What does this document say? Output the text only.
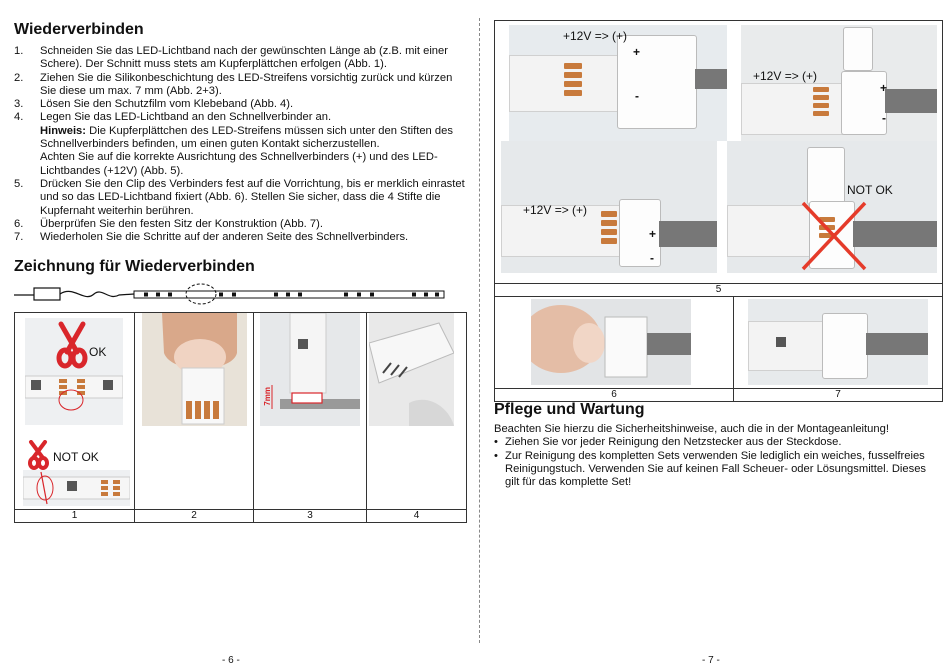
Wiederverbinden
1.	Schneiden Sie das LED-Lichtband nach der gewünschten Länge ab (z.B. mit einer Schere). Der Schnitt muss stets am Kupferplättchen erfolgen (Abb. 1).
2.	Ziehen Sie die Silikonbeschichtung des LED-Streifens vorsichtig zurück und kürzen Sie diese um max. 7 mm (Abb. 2+3).
3.	Lösen Sie den Schutzfilm vom Klebeband (Abb. 4).
4.	Legen Sie das LED-Lichtband an den Schnellverbinder an.
Hinweis: Die Kupferplättchen des LED-Streifens müssen sich unter den Stiften des Schnellverbinders befinden, um einen guten Kontakt sicherzustellen.
Achten Sie auf die korrekte Ausrichtung des Schnellverbinders (+) und des LED-Lichtbandes (+12V) (Abb. 5).
5.	Drücken Sie den Clip des Verbinders fest auf die Vorrichtung, bis er merklich einrastet und so das LED-Lichtband fixiert (Abb. 6). Stellen Sie sicher, dass die 4 Stifte die Kupfernaht weiterhin berühren.
6.	Überprüfen Sie den festen Sitz der Konstruktion (Abb. 7).
7.	Wiederholen Sie die Schritte auf der anderen Seite des Schnellverbinders.
Zeichnung für Wiederverbinden
OK
NOT OK
7mm
1	2	3	4
+12V => (+)
+
-
+12V => (+)
+
-
+12V => (+)
+
-
NOT OK
5
6	7
Pflege und Wartung

Beachten Sie hierzu die Sicherheitshinweise, auch die in der Montageanleitung!

• Ziehen Sie vor jeder Reinigung den Netzstecker aus der Steckdose.
• Zur Reinigung des kompletten Sets verwenden Sie lediglich ein weiches, fusselfreies Reinigungstuch. Verwenden Sie auf keinen Fall Scheuer- oder Lösungsmittel. Dieses gilt für das komplette Set!
- 6 -	- 7 -
